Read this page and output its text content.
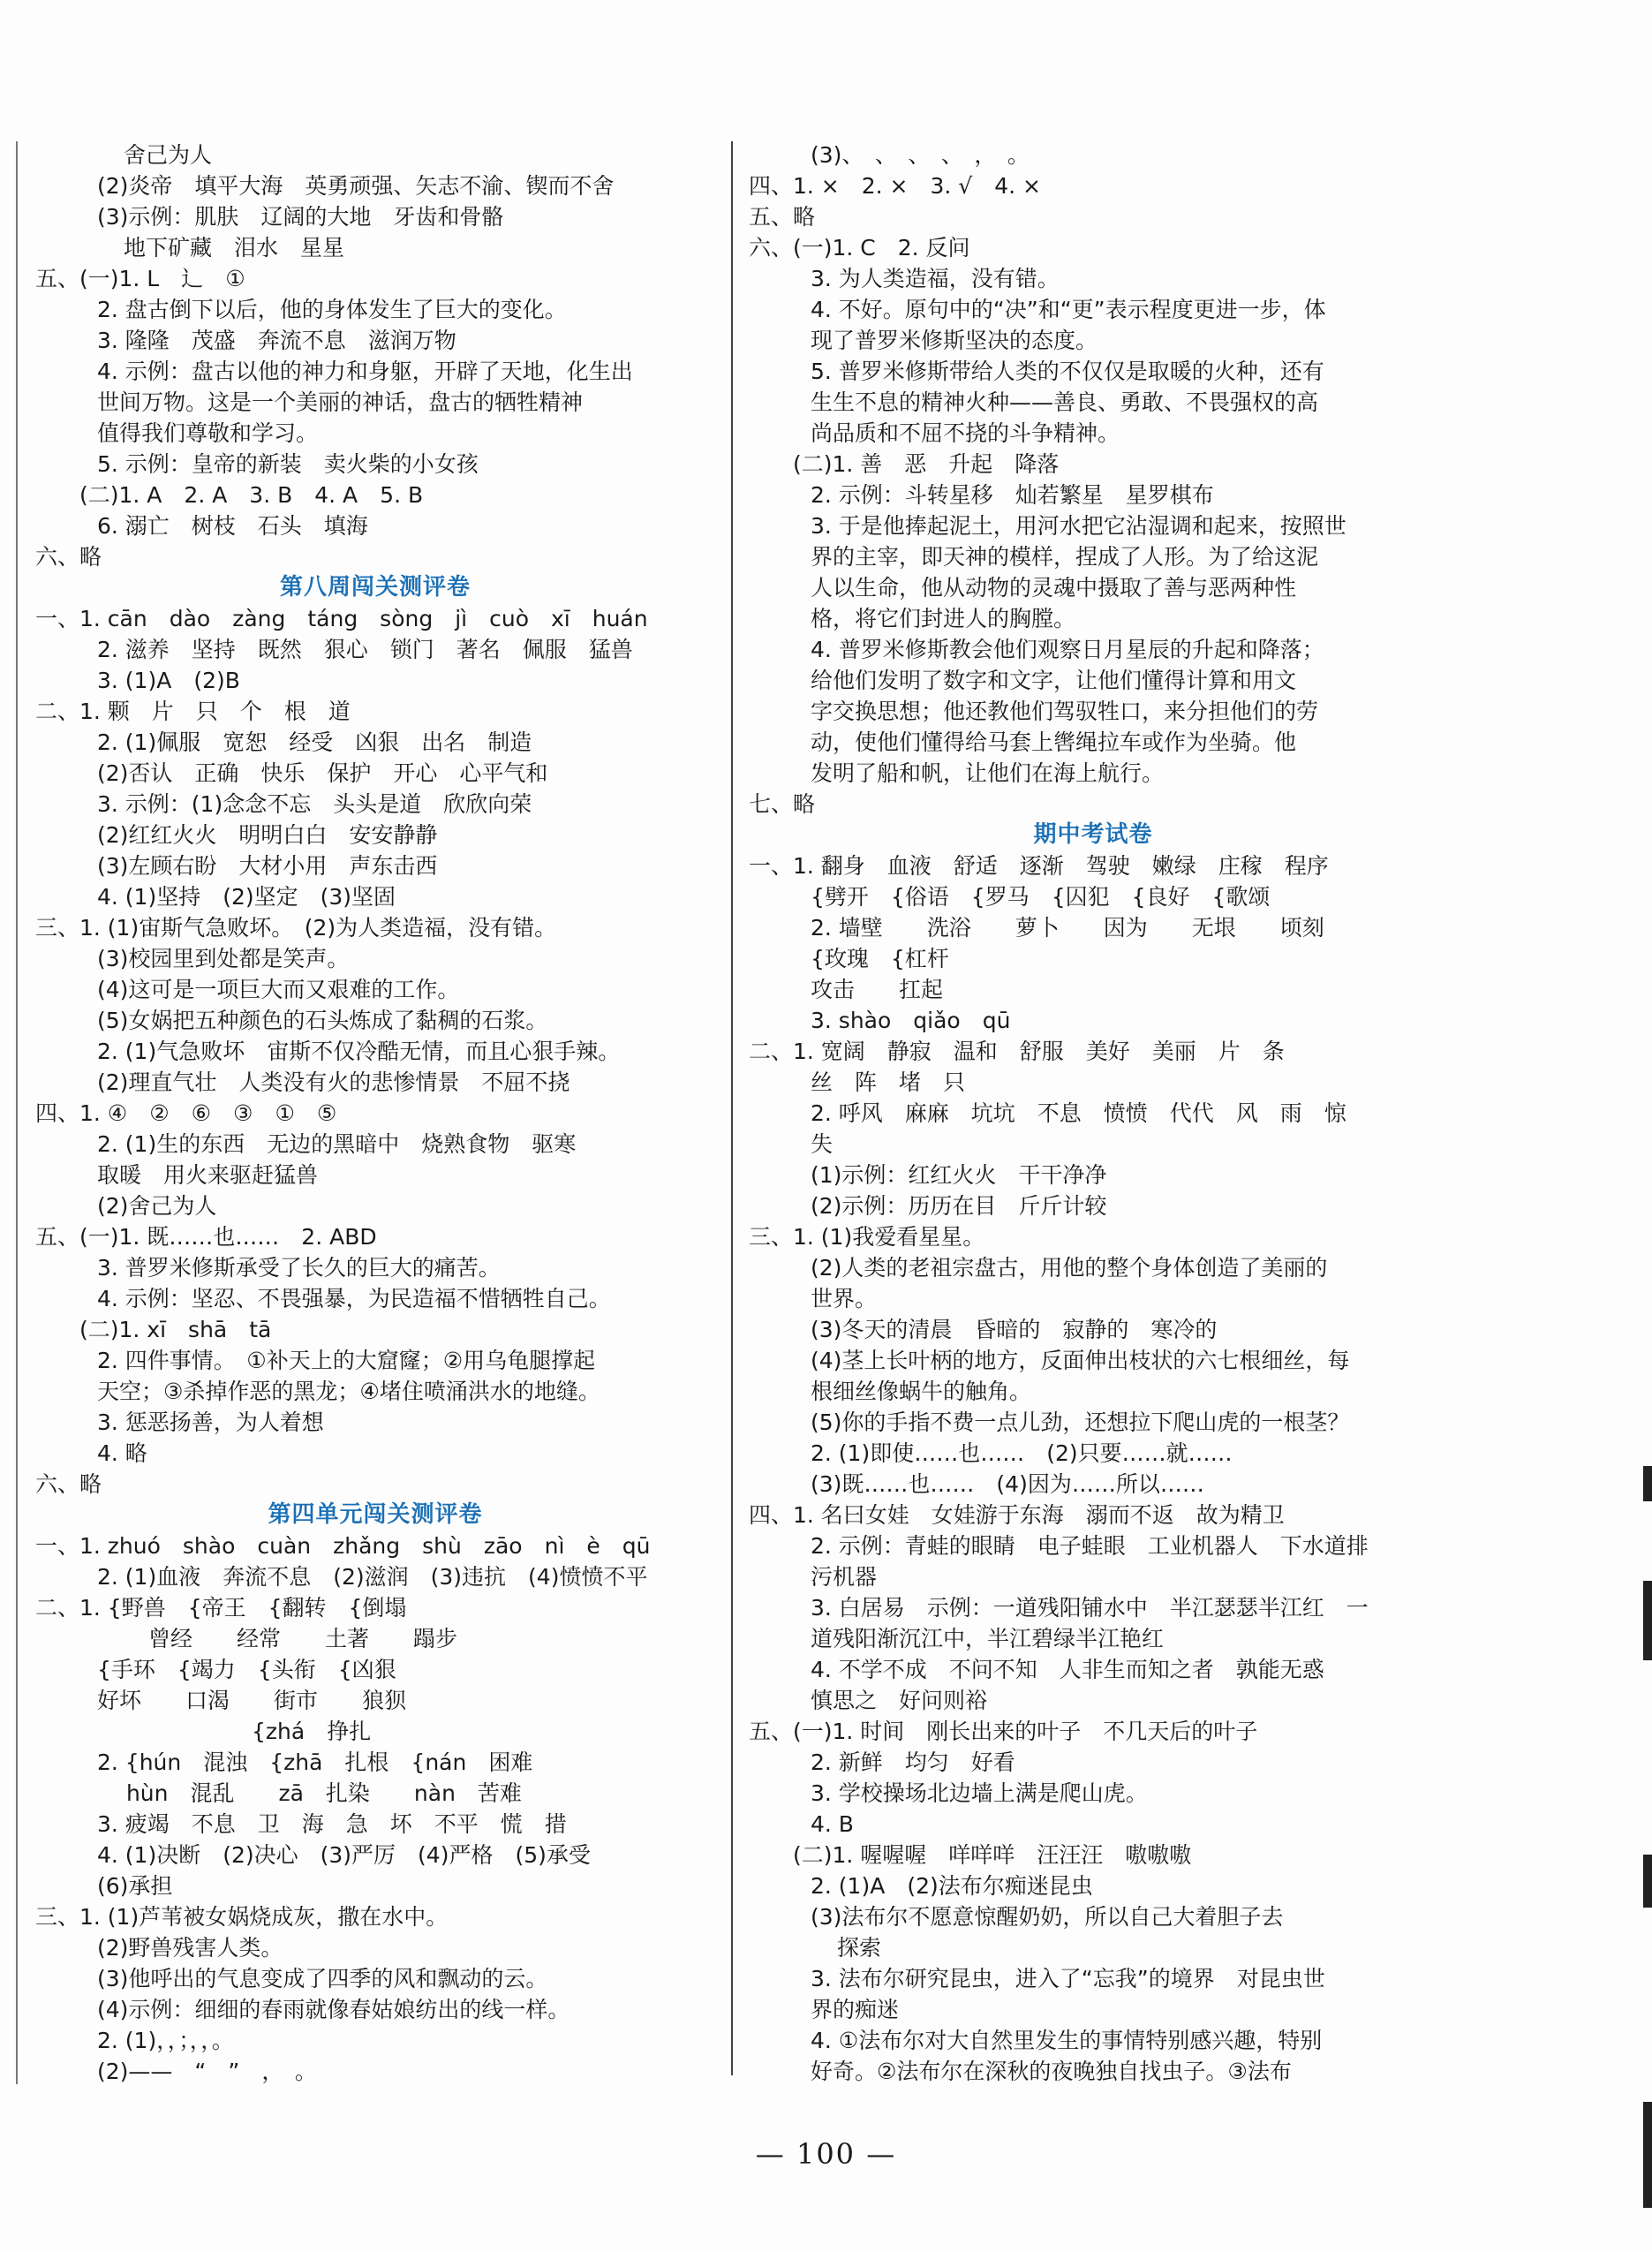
舍己为人
(2)炎帝　填平大海　英勇顽强、矢志不渝、锲而不舍
(3)示例：肌肤　辽阔的大地　牙齿和骨骼
地下矿藏　泪水　星星
五、(一)1. L　辶　①
2. 盘古倒下以后，他的身体发生了巨大的变化。
3. 隆隆　茂盛　奔流不息　滋润万物
4. 示例：盘古以他的神力和身躯，开辟了天地，化生出
世间万物。这是一个美丽的神话，盘古的牺牲精神
值得我们尊敬和学习。
5. 示例：皇帝的新装　卖火柴的小女孩
(二)1. A　2. A　3. B　4. A　5. B
6. 溺亡　树枝　石头　填海
六、略
第八周闯关测评卷
一、1. cān　dào　zàng　táng　sòng　jì　cuò　xī　huán
2. 滋养　坚持　既然　狠心　锁门　著名　佩服　猛兽
3. (1)A　(2)B
二、1. 颗　片　只　个　根　道
2. (1)佩服　宽恕　经受　凶狠　出名　制造
(2)否认　正确　快乐　保护　开心　心平气和
3. 示例：(1)念念不忘　头头是道　欣欣向荣
(2)红红火火　明明白白　安安静静
(3)左顾右盼　大材小用　声东击西
4. (1)坚持　(2)坚定　(3)坚固
三、1. (1)宙斯气急败坏。　(2)为人类造福，没有错。
(3)校园里到处都是笑声。
(4)这可是一项巨大而又艰难的工作。
(5)女娲把五种颜色的石头炼成了黏稠的石浆。
2. (1)气急败坏　宙斯不仅冷酷无情，而且心狠手辣。
(2)理直气壮　人类没有火的悲惨情景　不屈不挠
四、1. ④　②　⑥　③　①　⑤
2. (1)生的东西　无边的黑暗中　烧熟食物　驱寒
取暖　用火来驱赶猛兽
(2)舍己为人
五、(一)1. 既……也……　2. ABD
3. 普罗米修斯承受了长久的巨大的痛苦。
4. 示例：坚忍、不畏强暴，为民造福不惜牺牲自己。
(二)1. xī　shā　tā
2. 四件事情。　①补天上的大窟窿；②用乌龟腿撑起
天空；③杀掉作恶的黑龙；④堵住喷涌洪水的地缝。
3. 惩恶扬善，为人着想
4. 略
六、略
第四单元闯关测评卷
一、1. zhuó　shào　cuàn　zhǎng　shù　zāo　nì　è　qū
2. (1)血液　奔流不息　(2)滋润　(3)违抗　(4)愤愤不平
二、1. {野兽　{帝王　{翻转　{倒塌
　　 曾经　　经常　　土著　　蹋步
{手环　{竭力　{头衔　{凶狠
好坏　　口渴　　街市　　狼狈
　　　　　　　{zhá　挣扎
2. {hún　混浊　{zhā　扎根　{nán　困难
　 hùn　混乱　　zā　扎染　　nàn　苦难
3. 疲竭　不息　卫　海　急　坏　不平　慌　措
4. (1)决断　(2)决心　(3)严厉　(4)严格　(5)承受
(6)承担
三、1. (1)芦苇被女娲烧成灰，撒在水中。
(2)野兽残害人类。
(3)他呼出的气息变成了四季的风和飘动的云。
(4)示例：细细的春雨就像春姑娘纺出的线一样。
2. (1)，，；，，。
(2)——　“　”　，　。
(3)、　、　、　、　，　。
四、1. ×　2. ×　3. √　4. ×
五、略
六、(一)1. C　2. 反问
3. 为人类造福，没有错。
4. 不好。原句中的“决”和“更”表示程度更进一步，体
现了普罗米修斯坚决的态度。
5. 普罗米修斯带给人类的不仅仅是取暖的火种，还有
生生不息的精神火种——善良、勇敢、不畏强权的高
尚品质和不屈不挠的斗争精神。
(二)1. 善　恶　升起　降落
2. 示例：斗转星移　灿若繁星　星罗棋布
3. 于是他捧起泥土，用河水把它沾湿调和起来，按照世
界的主宰，即天神的模样，捏成了人形。为了给这泥
人以生命，他从动物的灵魂中摄取了善与恶两种性
格，将它们封进人的胸膛。
4. 普罗米修斯教会他们观察日月星辰的升起和降落；
给他们发明了数字和文字，让他们懂得计算和用文
字交换思想；他还教他们驾驭牲口，来分担他们的劳
动，使他们懂得给马套上辔绳拉车或作为坐骑。他
发明了船和帆，让他们在海上航行。
七、略
期中考试卷
一、1. 翻身　血液　舒适　逐渐　驾驶　嫩绿　庄稼　程序
{劈开　{俗语　{罗马　{囚犯　{良好　{歌颂
2. 墙壁　　洗浴　　萝卜　　因为　　无垠　　顷刻
{玫瑰　{杠杆
攻击　　扛起
3. shào　qiǎo　qū
二、1. 宽阔　静寂　温和　舒服　美好　美丽　片　条
丝　阵　堵　只
2. 呼风　麻麻　坑坑　不息　愤愤　代代　风　雨　惊
失
(1)示例：红红火火　干干净净
(2)示例：历历在目　斤斤计较
三、1. (1)我爱看星星。
(2)人类的老祖宗盘古，用他的整个身体创造了美丽的
世界。
(3)冬天的清晨　昏暗的　寂静的　寒冷的
(4)茎上长叶柄的地方，反面伸出枝状的六七根细丝，每
根细丝像蜗牛的触角。
(5)你的手指不费一点儿劲，还想拉下爬山虎的一根茎？
2. (1)即使……也……　(2)只要……就……
(3)既……也……　(4)因为……所以……
四、1. 名曰女娃　女娃游于东海　溺而不返　故为精卫
2. 示例：青蛙的眼睛　电子蛙眼　工业机器人　下水道排
污机器
3. 白居易　示例：一道残阳铺水中　半江瑟瑟半江红　一
道残阳渐沉江中，半江碧绿半江艳红
4. 不学不成　不问不知　人非生而知之者　孰能无惑
慎思之　好问则裕
五、(一)1. 时间　刚长出来的叶子　不几天后的叶子
2. 新鲜　均匀　好看
3. 学校操场北边墙上满是爬山虎。
4. B
(二)1. 喔喔喔　咩咩咩　汪汪汪　嗷嗷嗷
2. (1)A　(2)法布尔痴迷昆虫
(3)法布尔不愿意惊醒奶奶，所以自己大着胆子去
探索
3. 法布尔研究昆虫，进入了“忘我”的境界　对昆虫世
界的痴迷
4. ①法布尔对大自然里发生的事情特别感兴趣，特别
好奇。②法布尔在深秋的夜晚独自找虫子。③法布
— 100 —
